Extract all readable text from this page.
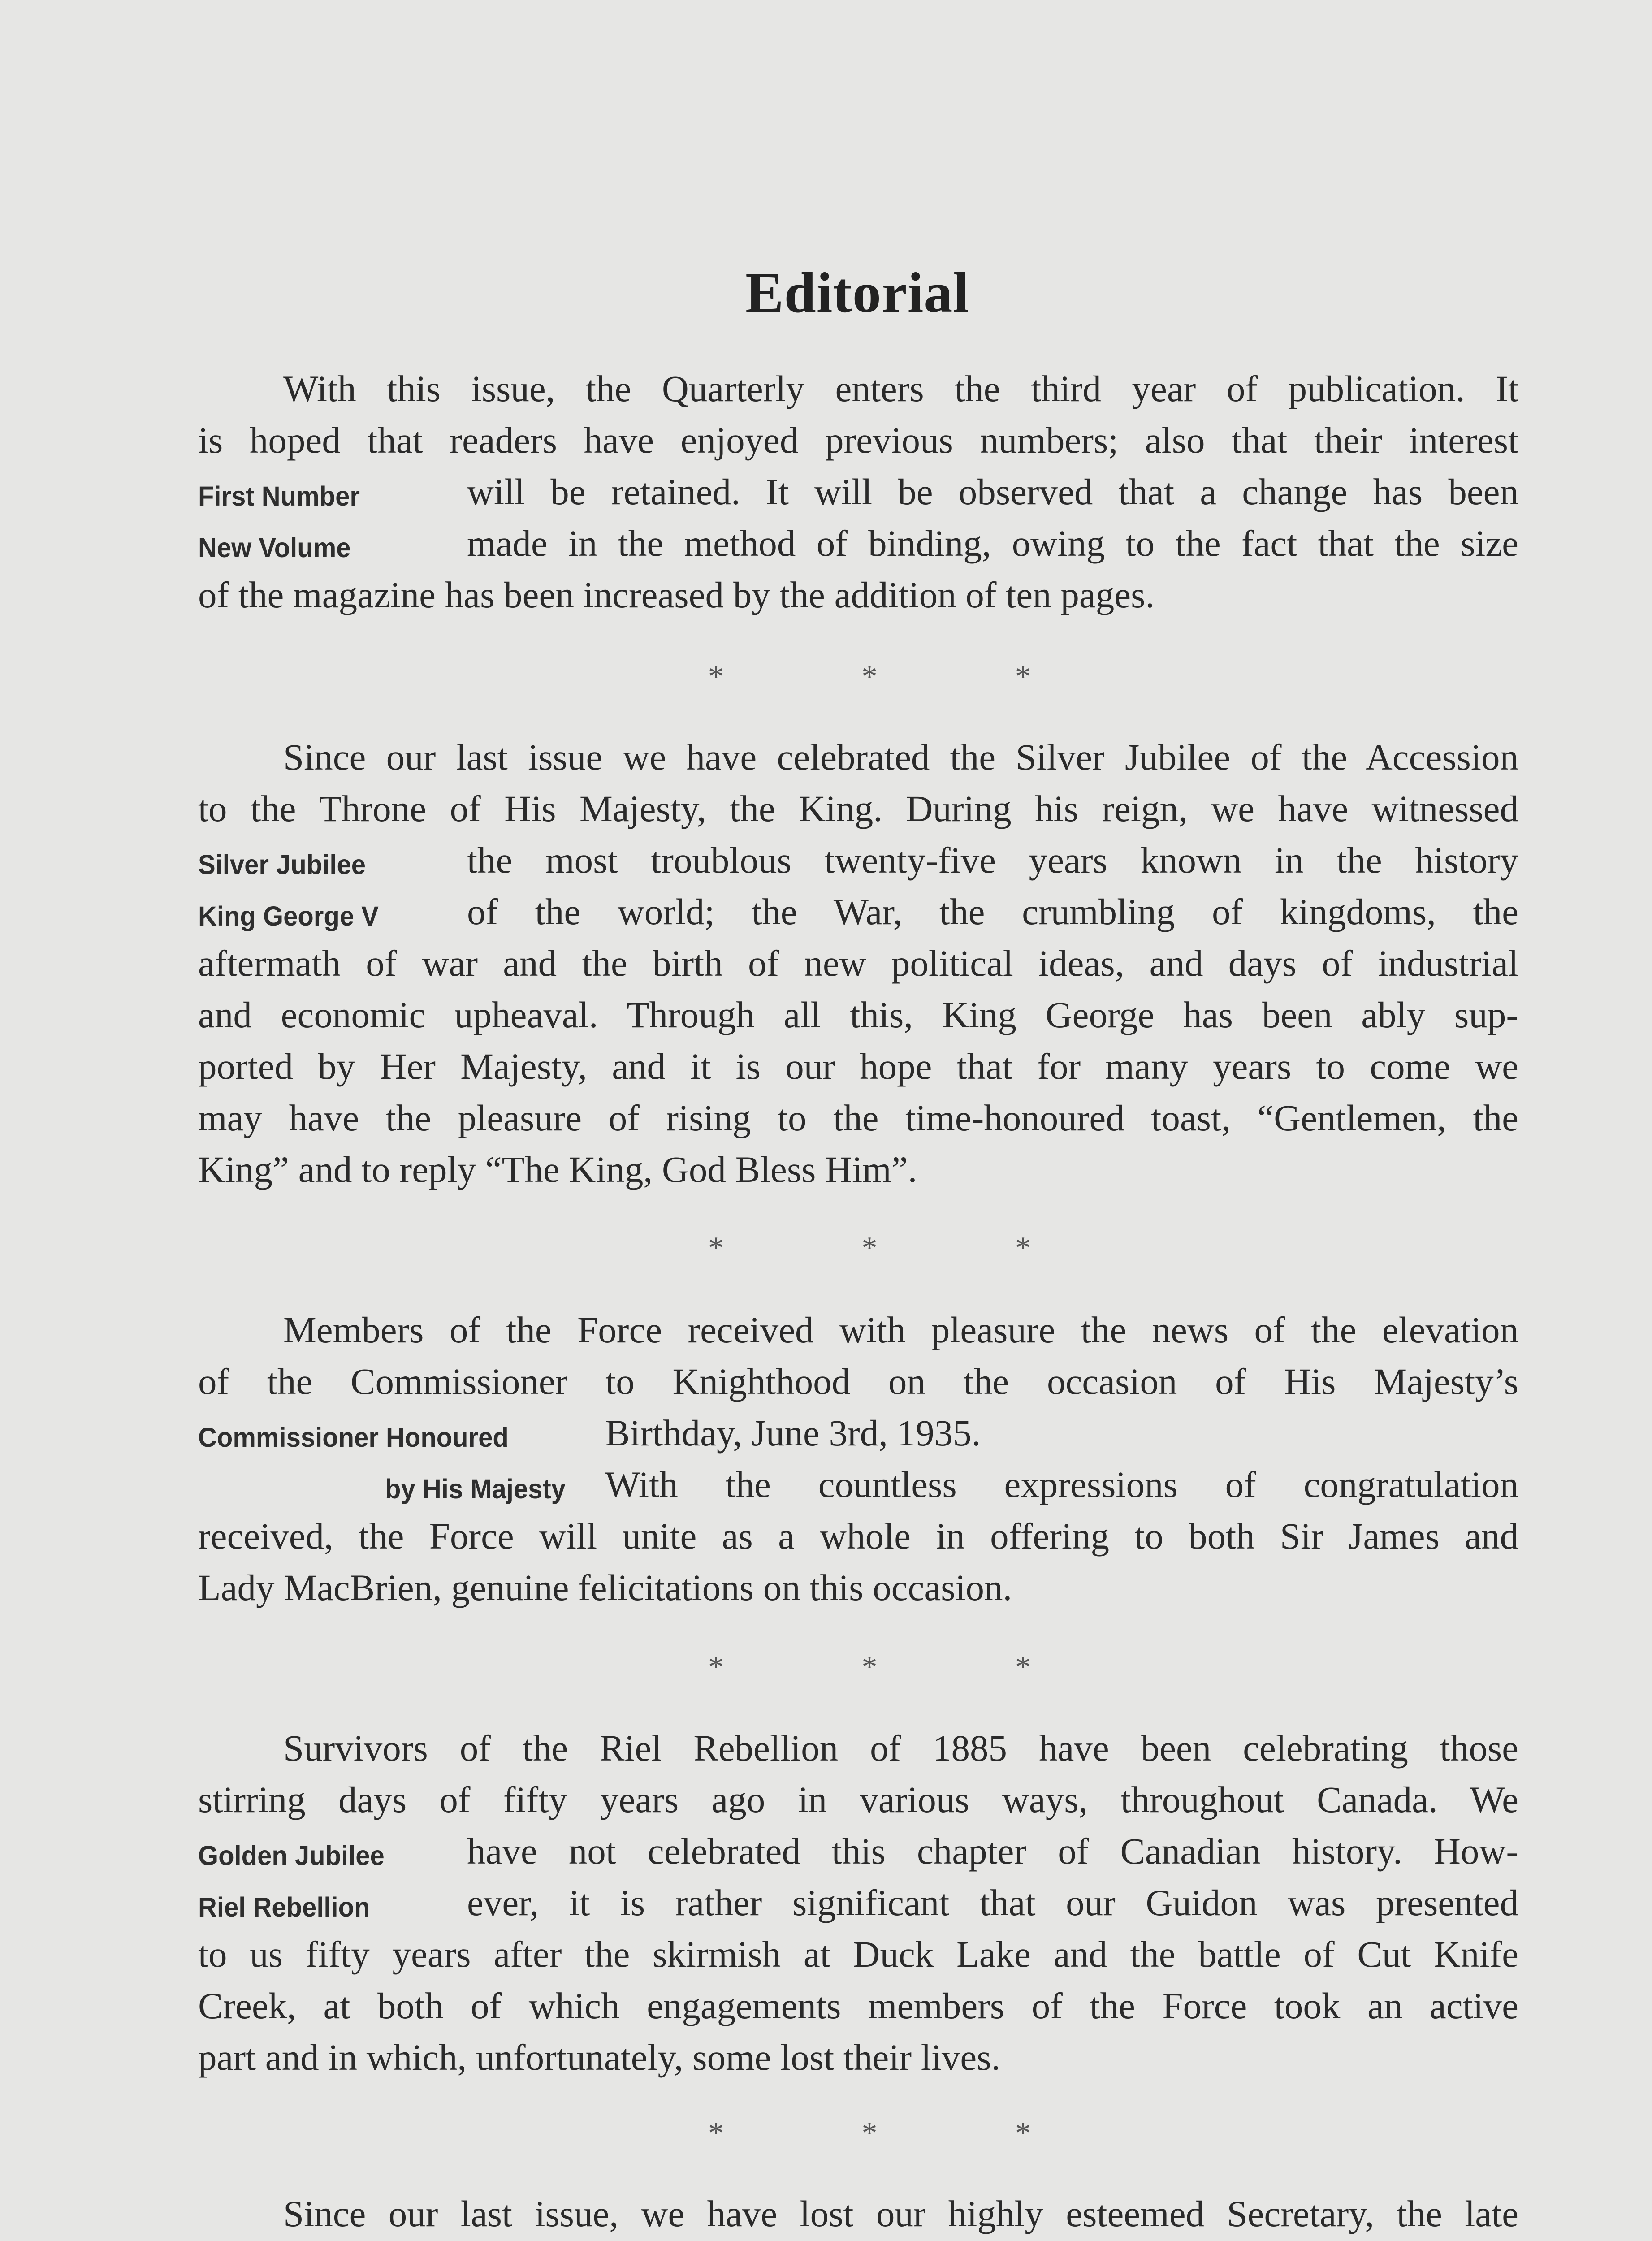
Editorial
With this issue, the Quarterly enters the third year of publication. It
is hoped that readers have enjoyed previous numbers; also that their interest
First Number	will be retained. It will be observed that a change has been
New Volume	made in the method of binding, owing to the fact that the size
of the magazine has been increased by the addition of ten pages.
*	*	*
Since our last issue we have celebrated the Silver Jubilee of the Accession
to the Throne of His Majesty, the King. During his reign, we have witnessed
Silver Jubilee	the most troublous twenty-five years known in the history
King George V	of the world; the War, the crumbling of kingdoms, the
aftermath of war and the birth of new political ideas, and days of industrial
and economic upheaval. Through all this, King George has been ably sup-
ported by Her Majesty, and it is our hope that for many years to come we
may have the pleasure of rising to the time-honoured toast, “Gentlemen, the
King” and to reply “The King, God Bless Him”.
*	*	*
Members of the Force received with pleasure the news of the elevation
of the Commissioner to Knighthood on the occasion of His Majesty’s
Commissioner Honoured	Birthday, June 3rd, 1935.
by His Majesty	With the countless expressions of congratulation
received, the Force will unite as a whole in offering to both Sir James and
Lady MacBrien, genuine felicitations on this occasion.
*	*	*
Survivors of the Riel Rebellion of 1885 have been celebrating those
stirring days of fifty years ago in various ways, throughout Canada. We
Golden Jubilee	have not celebrated this chapter of Canadian history. How-
Riel Rebellion	ever, it is rather significant that our Guidon was presented
to us fifty years after the skirmish at Duck Lake and the battle of Cut Knife
Creek, at both of which engagements members of the Force took an active
part and in which, unfortunately, some lost their lives.
*	*	*
Since our last issue, we have lost our highly esteemed Secretary, the late
